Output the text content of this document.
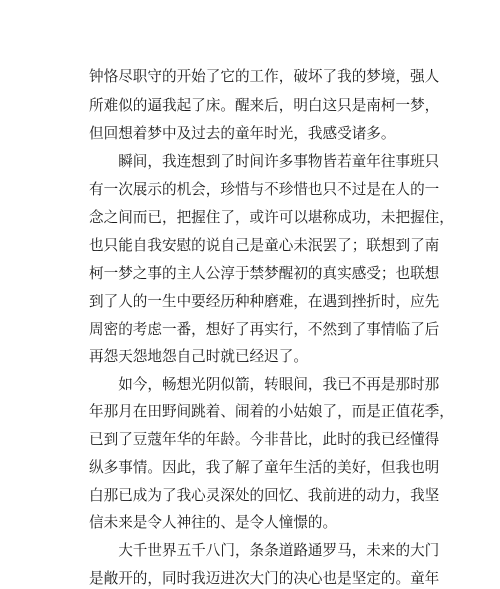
钟恪尽职守的开始了它的工作，破坏了我的梦境，强人
所难似的逼我起了床。醒来后，明白这只是南柯一梦，
但回想着梦中及过去的童年时光，我感受诸多。
　　瞬间，我连想到了时间许多事物皆若童年往事班只
有一次展示的机会，珍惜与不珍惜也只不过是在人的一
念之间而已，把握住了，或许可以堪称成功，未把握住，
也只能自我安慰的说自己是童心未泯罢了；联想到了南
柯一梦之事的主人公淳于禁梦醒初的真实感受；也联想
到了人的一生中要经历种种磨难，在遇到挫折时，应先
周密的考虑一番，想好了再实行，不然到了事情临了后
再怨天怨地怨自己时就已经迟了。
　　如今，畅想光阴似箭，转眼间，我已不再是那时那
年那月在田野间跳着、闹着的小姑娘了，而是正值花季，
已到了豆蔻年华的年龄。今非昔比，此时的我已经懂得
纵多事情。因此，我了解了童年生活的美好，但我也明
白那已成为了我心灵深处的回忆、我前进的动力，我坚
信未来是令人神往的、是令人憧憬的。
　　大千世界五千八门，条条道路通罗马，未来的大门
是敞开的，同时我迈进次大门的决心也是坚定的。童年
